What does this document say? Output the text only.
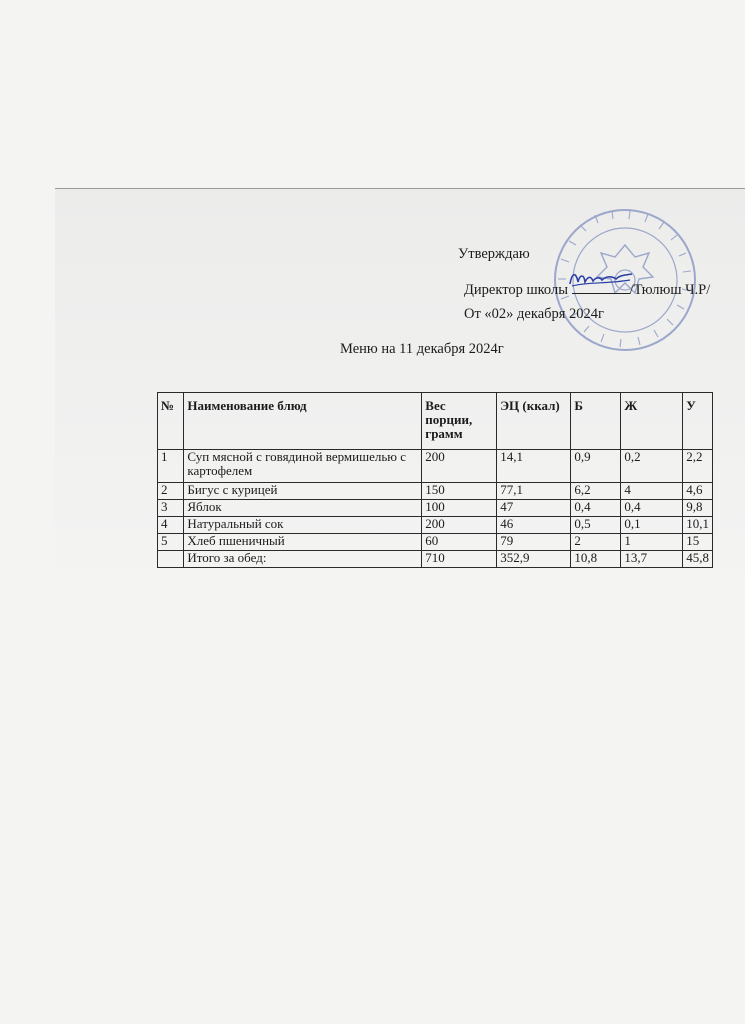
Утверждаю
Директор школы	/Тюлюш Ч.Р/
От «02» декабря 2024г
Меню на 11 декабря 2024г
№	Наименование блюд	Вес порции, грамм	ЭЦ (ккал)	Б	Ж	У
1	Суп мясной с говядиной вермишелью с картофелем	200	14,1	0,9	0,2	2,2
2	Бигус с курицей	150	77,1	6,2	4	4,6
3	Яблок	100	47	0,4	0,4	9,8
4	Натуральный сок	200	46	0,5	0,1	10,1
5	Хлеб пшеничный	60	79	2	1	15
	Итого за обед:	710	352,9	10,8	13,7	45,8
